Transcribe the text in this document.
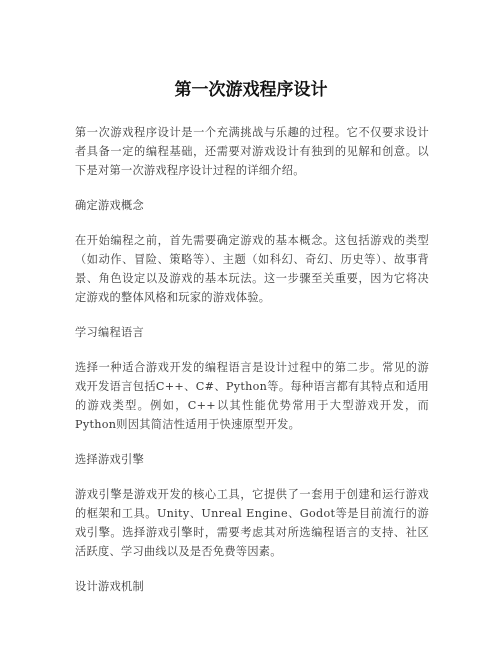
第一次游戏程序设计

第一次游戏程序设计是一个充满挑战与乐趣的过程。它不仅要求设计者具备一定的编程基础，还需要对游戏设计有独到的见解和创意。以下是对第一次游戏程序设计过程的详细介绍。

确定游戏概念

在开始编程之前，首先需要确定游戏的基本概念。这包括游戏的类型（如动作、冒险、策略等）、主题（如科幻、奇幻、历史等）、故事背景、角色设定以及游戏的基本玩法。这一步骤至关重要，因为它将决定游戏的整体风格和玩家的游戏体验。

学习编程语言

选择一种适合游戏开发的编程语言是设计过程中的第二步。常见的游戏开发语言包括C++、C#、Python等。每种语言都有其特点和适用的游戏类型。例如，C++以其性能优势常用于大型游戏开发，而Python则因其简洁性适用于快速原型开发。

选择游戏引擎

游戏引擎是游戏开发的核心工具，它提供了一套用于创建和运行游戏的框架和工具。Unity、Unreal Engine、Godot等是目前流行的游戏引擎。选择游戏引擎时，需要考虑其对所选编程语言的支持、社区活跃度、学习曲线以及是否免费等因素。

设计游戏机制
